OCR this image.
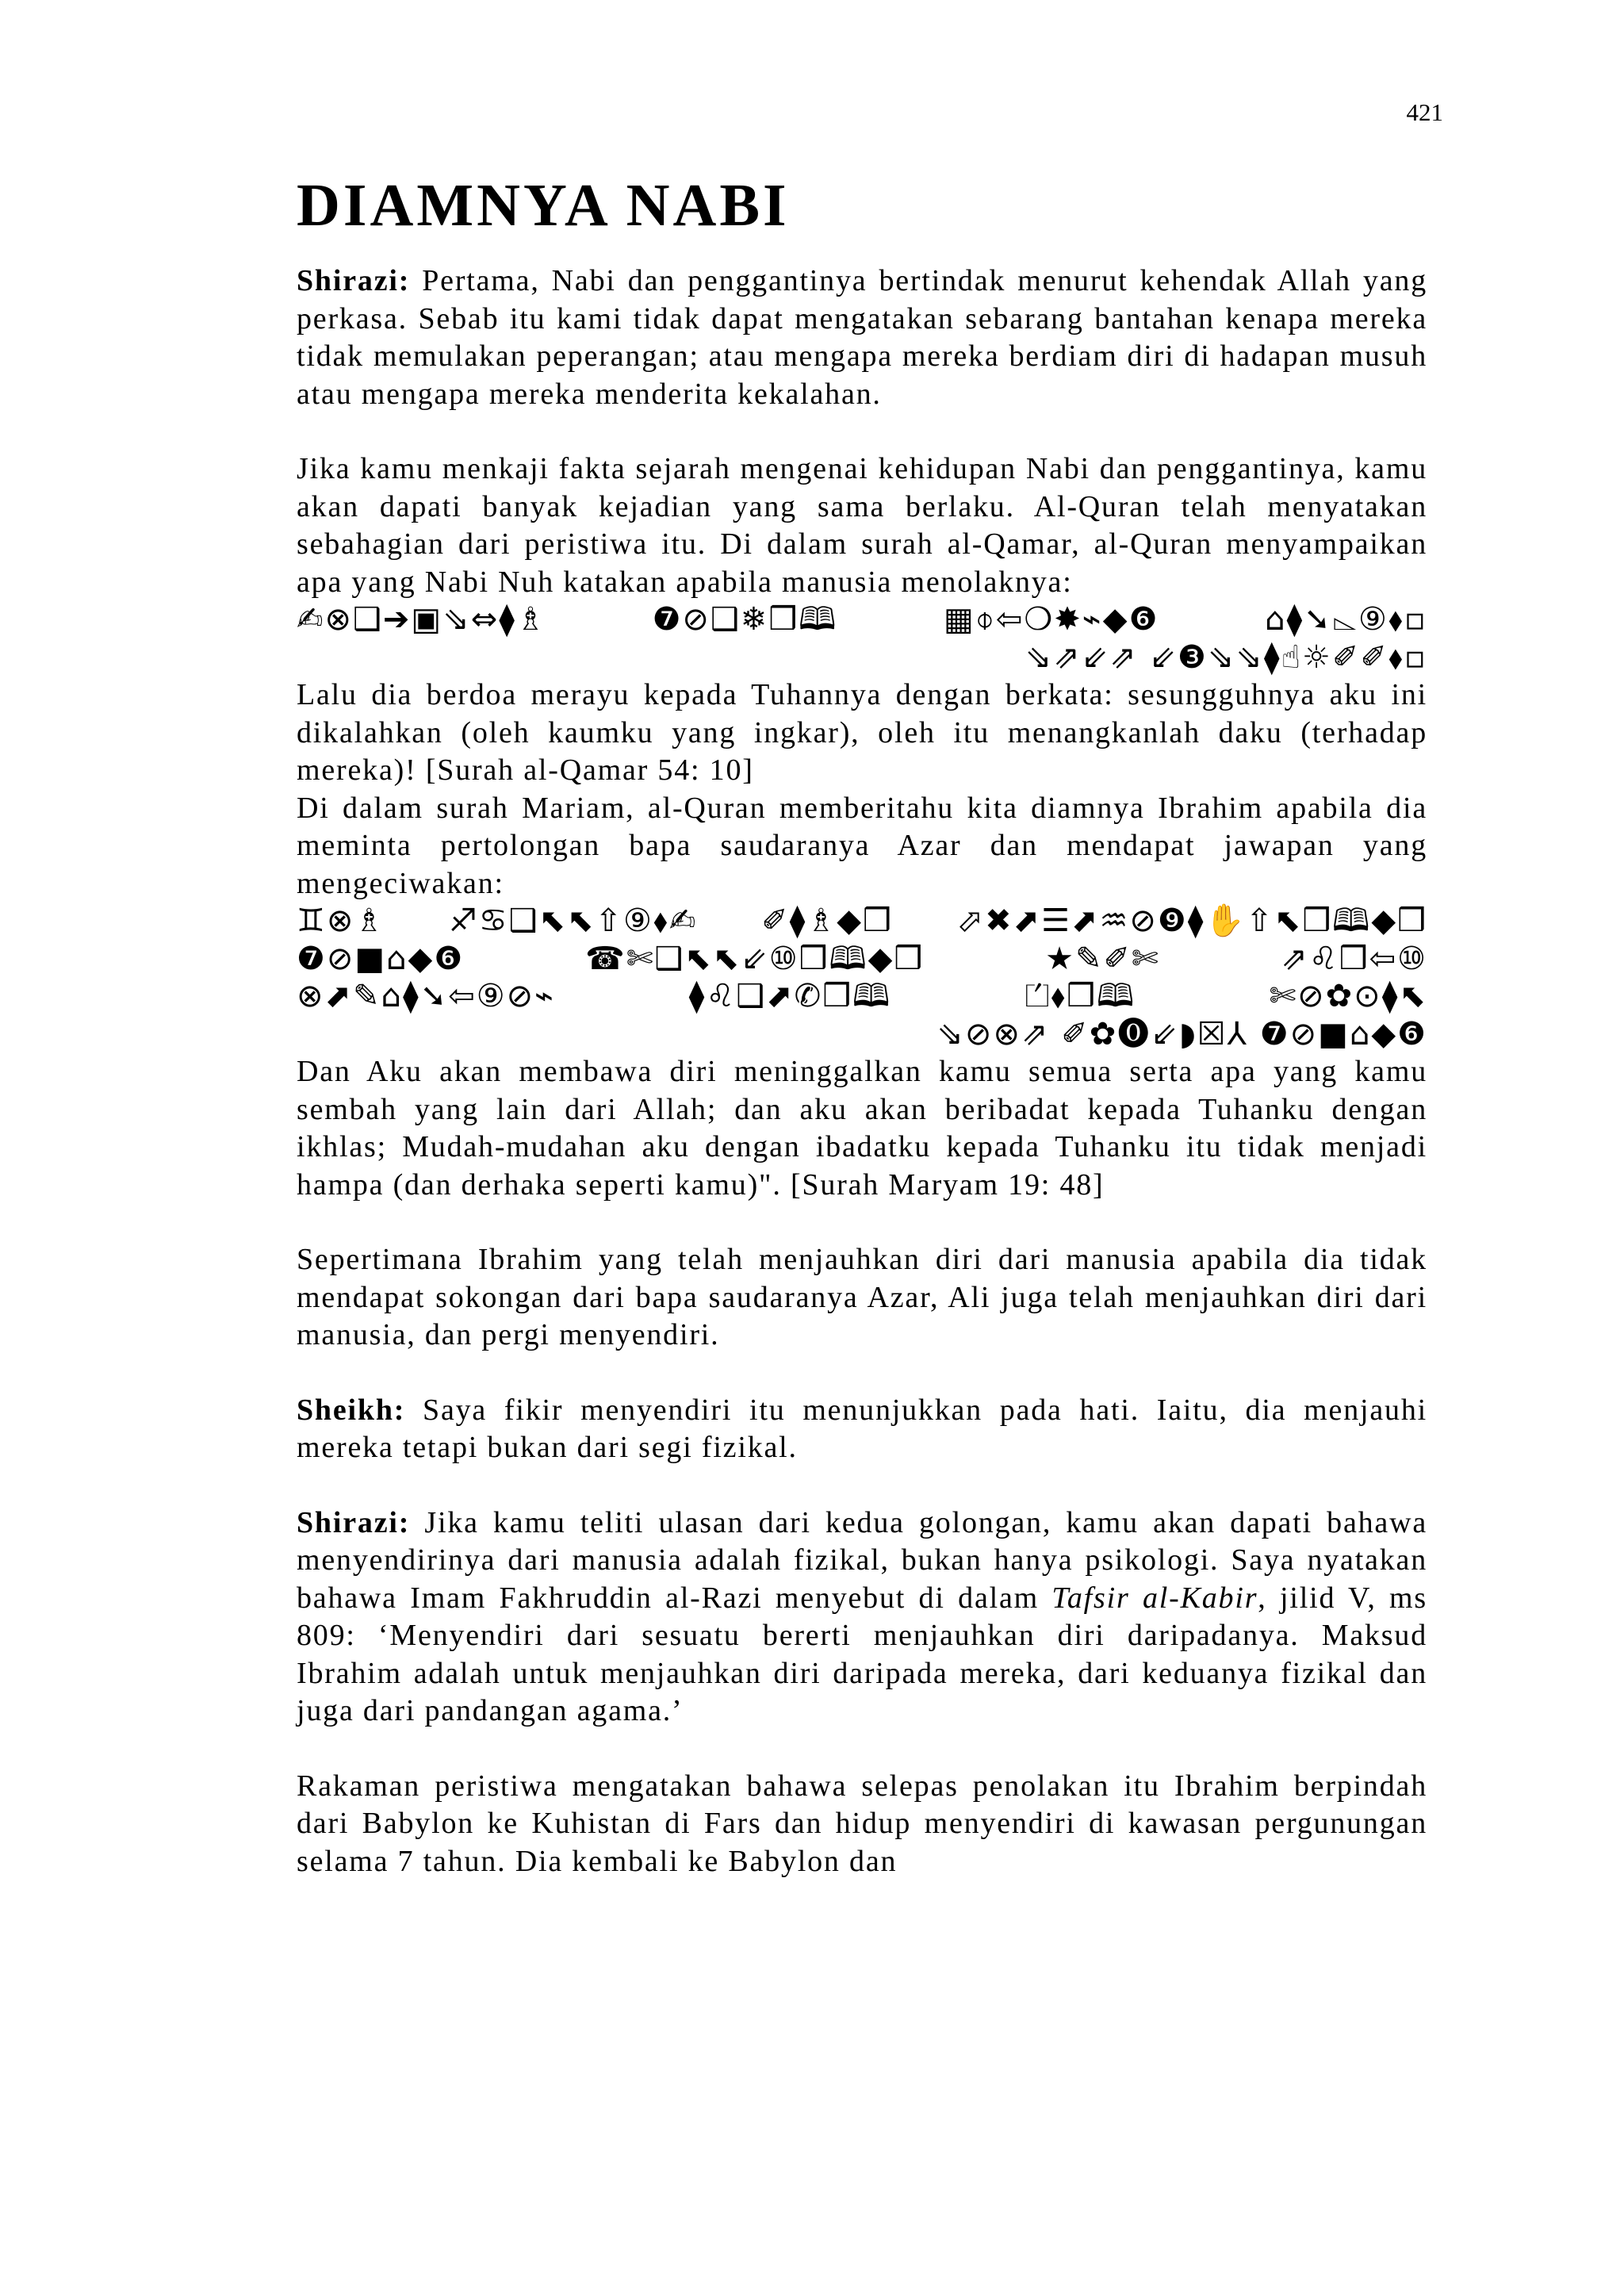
421
DIAMNYA NABI

Shirazi: Pertama, Nabi dan penggantinya bertindak menurut kehendak Allah yang perkasa. Sebab itu kami tidak dapat mengatakan sebarang bantahan kenapa mereka tidak memulakan peperangan; atau mengapa mereka berdiam diri di hadapan musuh atau mengapa mereka menderita kekalahan.

Jika kamu menkaji fakta sejarah mengenai kehidupan Nabi dan penggantinya, kamu akan dapati banyak kejadian yang sama berlaku. Al-Quran telah menyatakan sebahagian dari peristiwa itu. Di dalam surah al-Qamar, al-Quran menyampaikan apa yang Nabi Nuh katakan apabila manusia menolaknya:

✍⊗❑➔▣⇘⇔⧫♗	❼⊘❑❄❒🕮	▦⌽⇦❍✸⌁◆❻	⌂⧫➘⌳⑨⬧▫
⇘⇗⇙⇗ ⇙❸⇘⇘⧫☝☼✐✐⬧▫

Lalu dia berdoa merayu kepada Tuhannya dengan berkata: sesungguhnya aku ini dikalahkan (oleh kaumku yang ingkar), oleh itu menangkanlah daku (terhadap mereka)! [Surah al-Qamar 54: 10]

Di dalam surah Mariam, al-Quran memberitahu kita diamnya Ibrahim apabila dia meminta pertolongan bapa saudaranya Azar dan mendapat jawapan yang mengeciwakan:

♊⊗♗ ♐♋❑⬉⬉⇧⑨⬧✍ ✐⧫♗◆❒ ⬀✖⬈☰⬈♒⊘❾⧫✋⇧⬉❒🕮◆❒
❼⊘■⌂◆❻	☎✄❑⬉⬉⇙⑩❒🕮◆❒	★✎✐✄	⇗♌❒⇦⑩
⊗⬈✎⌂⧫➘⇦⑨⊘⌁	⧫♌❑⬈✆❒🕮	⏍⬧❒🕮	✄⊘✿⊙⧫⬉
⇘⊘⊗⇗ ✐✿⓿⇙◗☒⅄ ❼⊘■⌂◆❻

Dan Aku akan membawa diri meninggalkan kamu semua serta apa yang kamu sembah yang lain dari Allah; dan aku akan beribadat kepada Tuhanku dengan ikhlas; Mudah-mudahan aku dengan ibadatku kepada Tuhanku itu tidak menjadi hampa (dan derhaka seperti kamu)". [Surah Maryam 19: 48]

Sepertimana Ibrahim yang telah menjauhkan diri dari manusia apabila dia tidak mendapat sokongan dari bapa saudaranya Azar, Ali juga telah menjauhkan diri dari manusia, dan pergi menyendiri.

Sheikh: Saya fikir menyendiri itu menunjukkan pada hati. Iaitu, dia menjauhi mereka tetapi bukan dari segi fizikal.

Shirazi: Jika kamu teliti ulasan dari kedua golongan, kamu akan dapati bahawa menyendirinya dari manusia adalah fizikal, bukan hanya psikologi. Saya nyatakan bahawa Imam Fakhruddin al-Razi menyebut di dalam Tafsir al-Kabir, jilid V, ms 809: ‘Menyendiri dari sesuatu bererti menjauhkan diri daripadanya. Maksud Ibrahim adalah untuk menjauhkan diri daripada mereka, dari keduanya fizikal dan juga dari pandangan agama.’

Rakaman peristiwa mengatakan bahawa selepas penolakan itu Ibrahim berpindah dari Babylon ke Kuhistan di Fars dan hidup menyendiri di kawasan pergunungan selama 7 tahun. Dia kembali ke Babylon dan
